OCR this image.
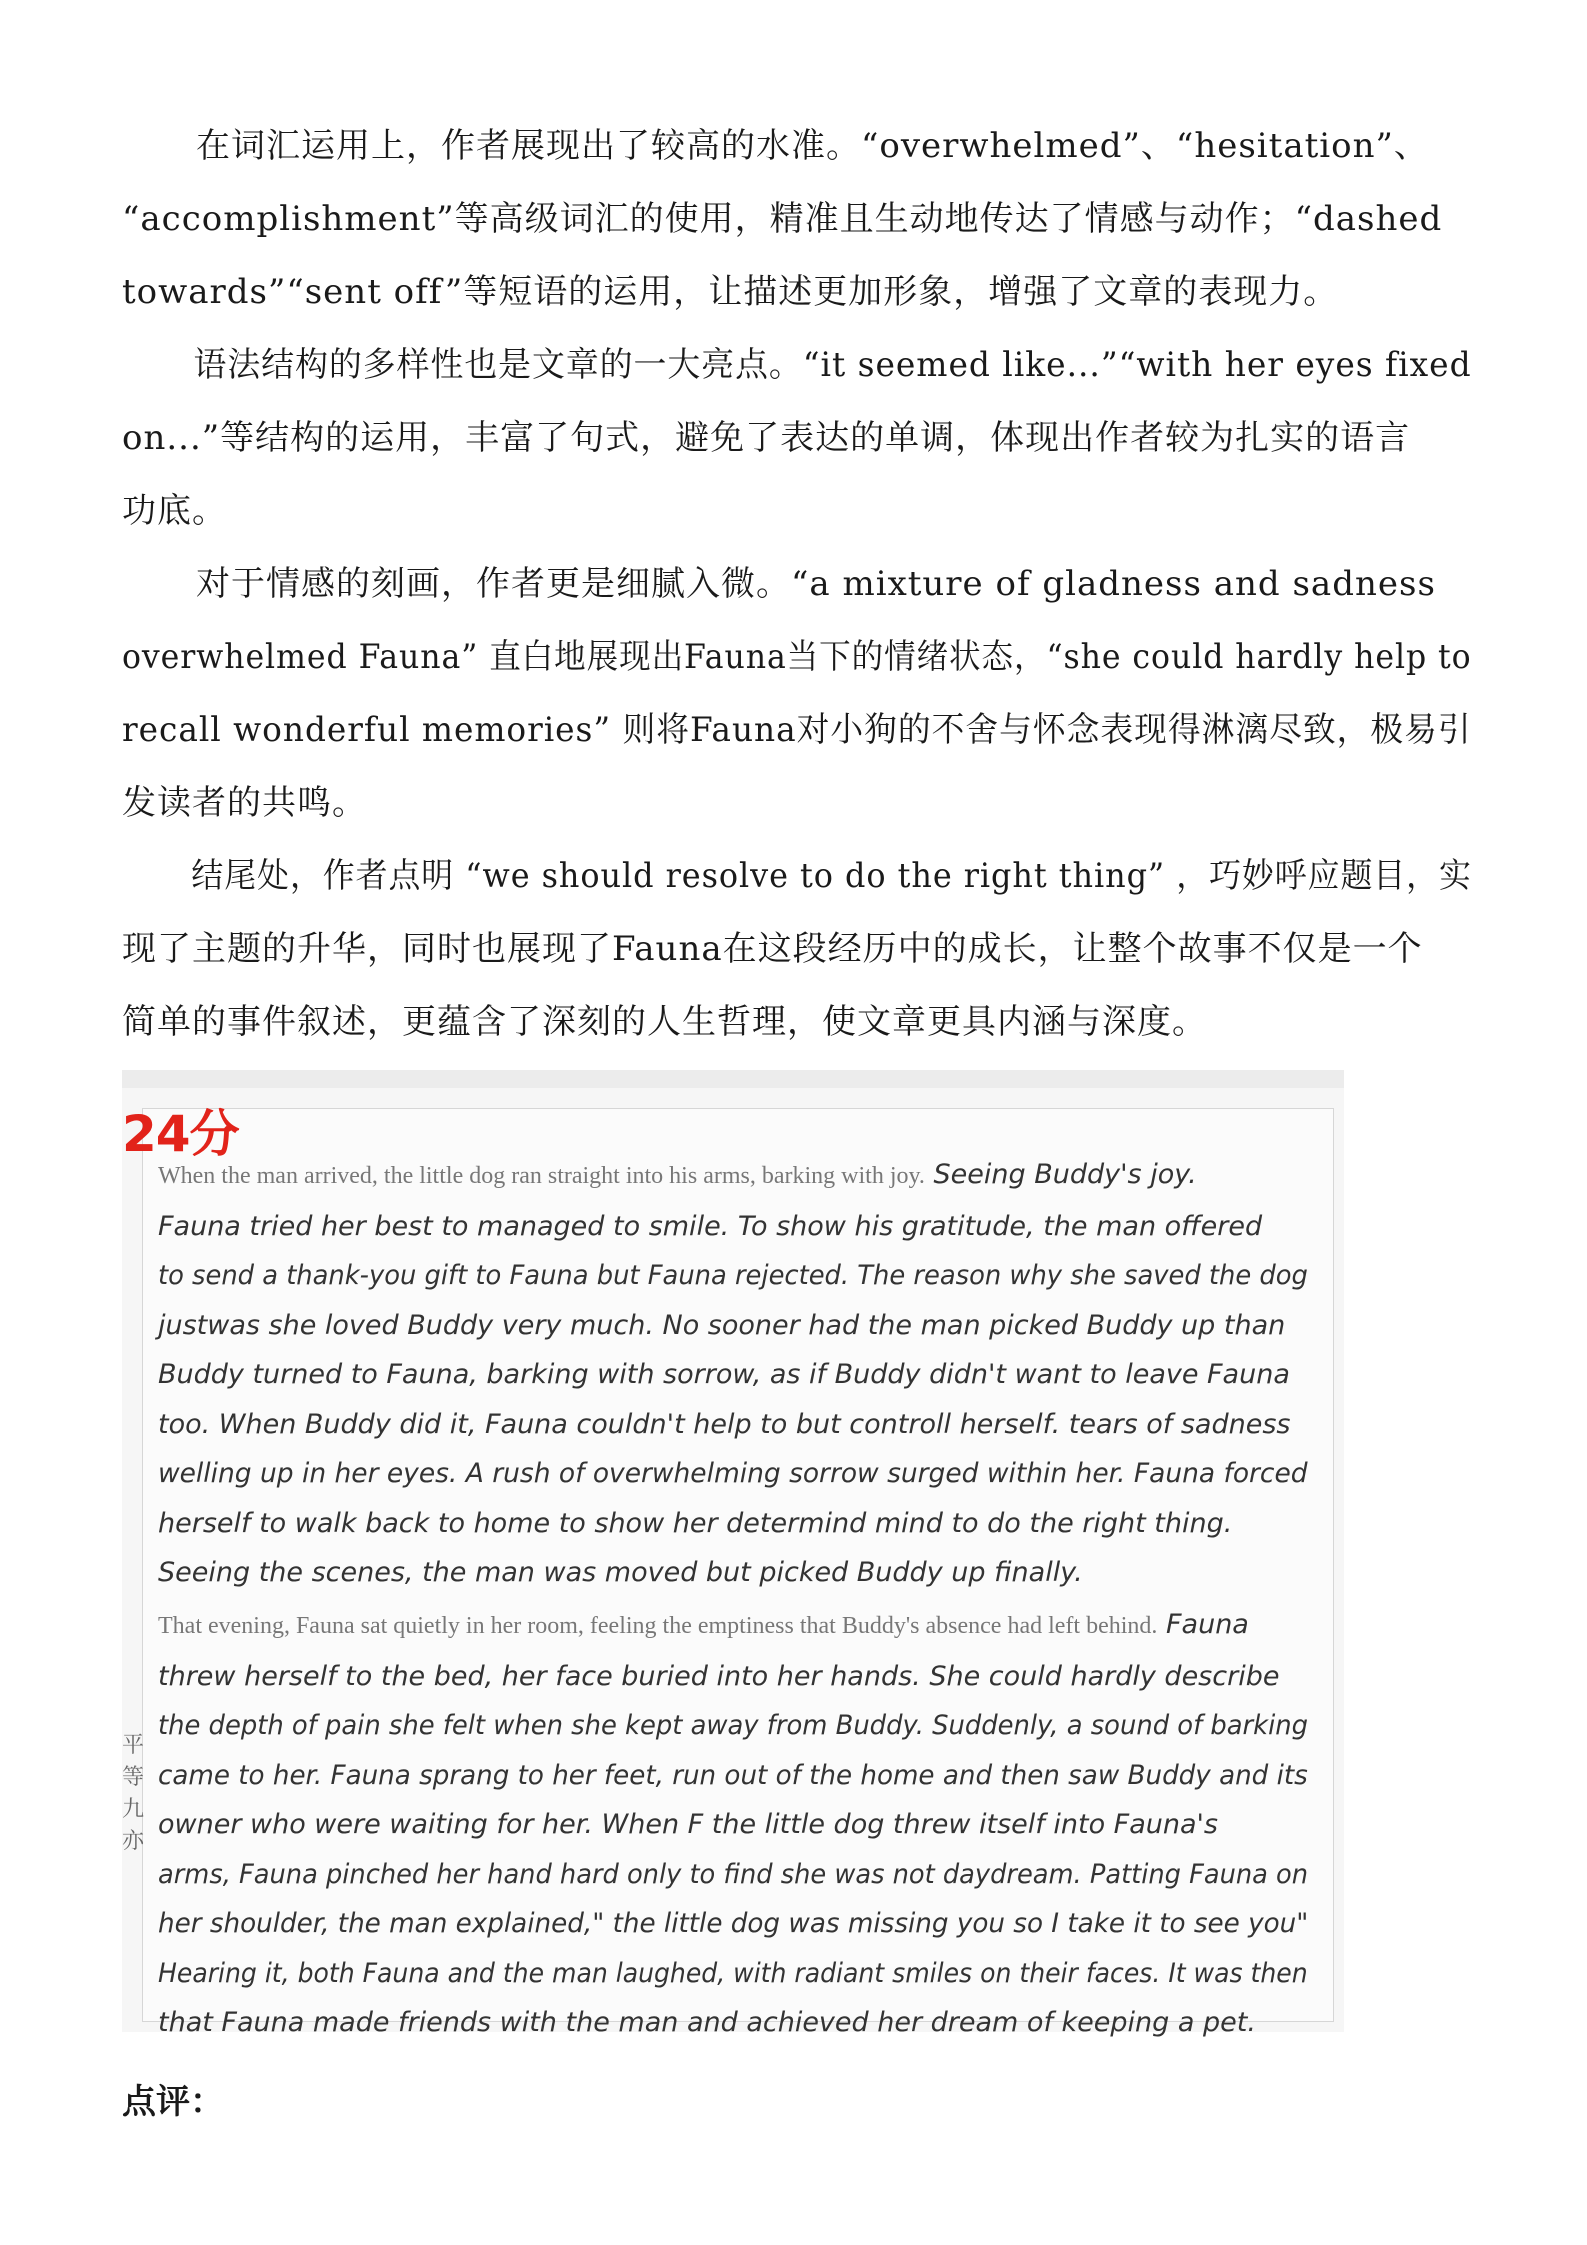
在词汇运用上，作者展现出了较高的水准。“overwhelmed”、“hesitation”、
“accomplishment”等高级词汇的使用，精准且生动地传达了情感与动作；“dashed
towards”“sent off”等短语的运用，让描述更加形象，增强了文章的表现力。

语法结构的多样性也是文章的一大亮点。“it seemed like...”“with her eyes fixed
on...”等结构的运用，丰富了句式，避免了表达的单调，体现出作者较为扎实的语言
功底。

对于情感的刻画，作者更是细腻入微。“a mixture of gladness and sadness
overwhelmed Fauna” 直白地展现出Fauna当下的情绪状态，“she could hardly help to
recall wonderful memories” 则将Fauna对小狗的不舍与怀念表现得淋漓尽致，极易引
发读者的共鸣。

结尾处，作者点明 “we should resolve to do the right thing” ，巧妙呼应题目，实
现了主题的升华，同时也展现了Fauna在这段经历中的成长，让整个故事不仅是一个
简单的事件叙述，更蕴含了深刻的人生哲理，使文章更具内涵与深度。

24分
When the man arrived, the little dog ran straight into his arms, barking with joy. Seeing Buddy's joy.
Fauna tried her best to managed to smile. To show his gratitude, the man offered
to send a thank-you gift to Fauna but Fauna rejected. The reason why she saved the dog
justwas she loved Buddy very much. No sooner had the man picked Buddy up than
Buddy turned to Fauna, barking with sorrow, as if Buddy didn't want to leave Fauna
too. When Buddy did it, Fauna couldn't help to but controll herself. tears of sadness
welling up in her eyes. A rush of overwhelming sorrow surged within her. Fauna forced
herself to walk back to home to show her determind mind to do the right thing.
Seeing the scenes, the man was moved but picked Buddy up finally.
That evening, Fauna sat quietly in her room, feeling the emptiness that Buddy's absence had left behind. Fauna
threw herself to the bed, her face buried into her hands. She could hardly describe
the depth of pain she felt when she kept away from Buddy. Suddenly, a sound of barking
came to her. Fauna sprang to her feet, run out of the home and then saw Buddy and its
owner who were waiting for her. When F the little dog threw itself into Fauna's
arms, Fauna pinched her hand hard only to find she was not daydream. Patting Fauna on
her shoulder, the man explained," the little dog was missing you so I take it to see you"
Hearing it, both Fauna and the man laughed, with radiant smiles on their faces. It was then
that Fauna made friends with the man and achieved her dream of keeping a pet.
平
等
九
亦
点评：
